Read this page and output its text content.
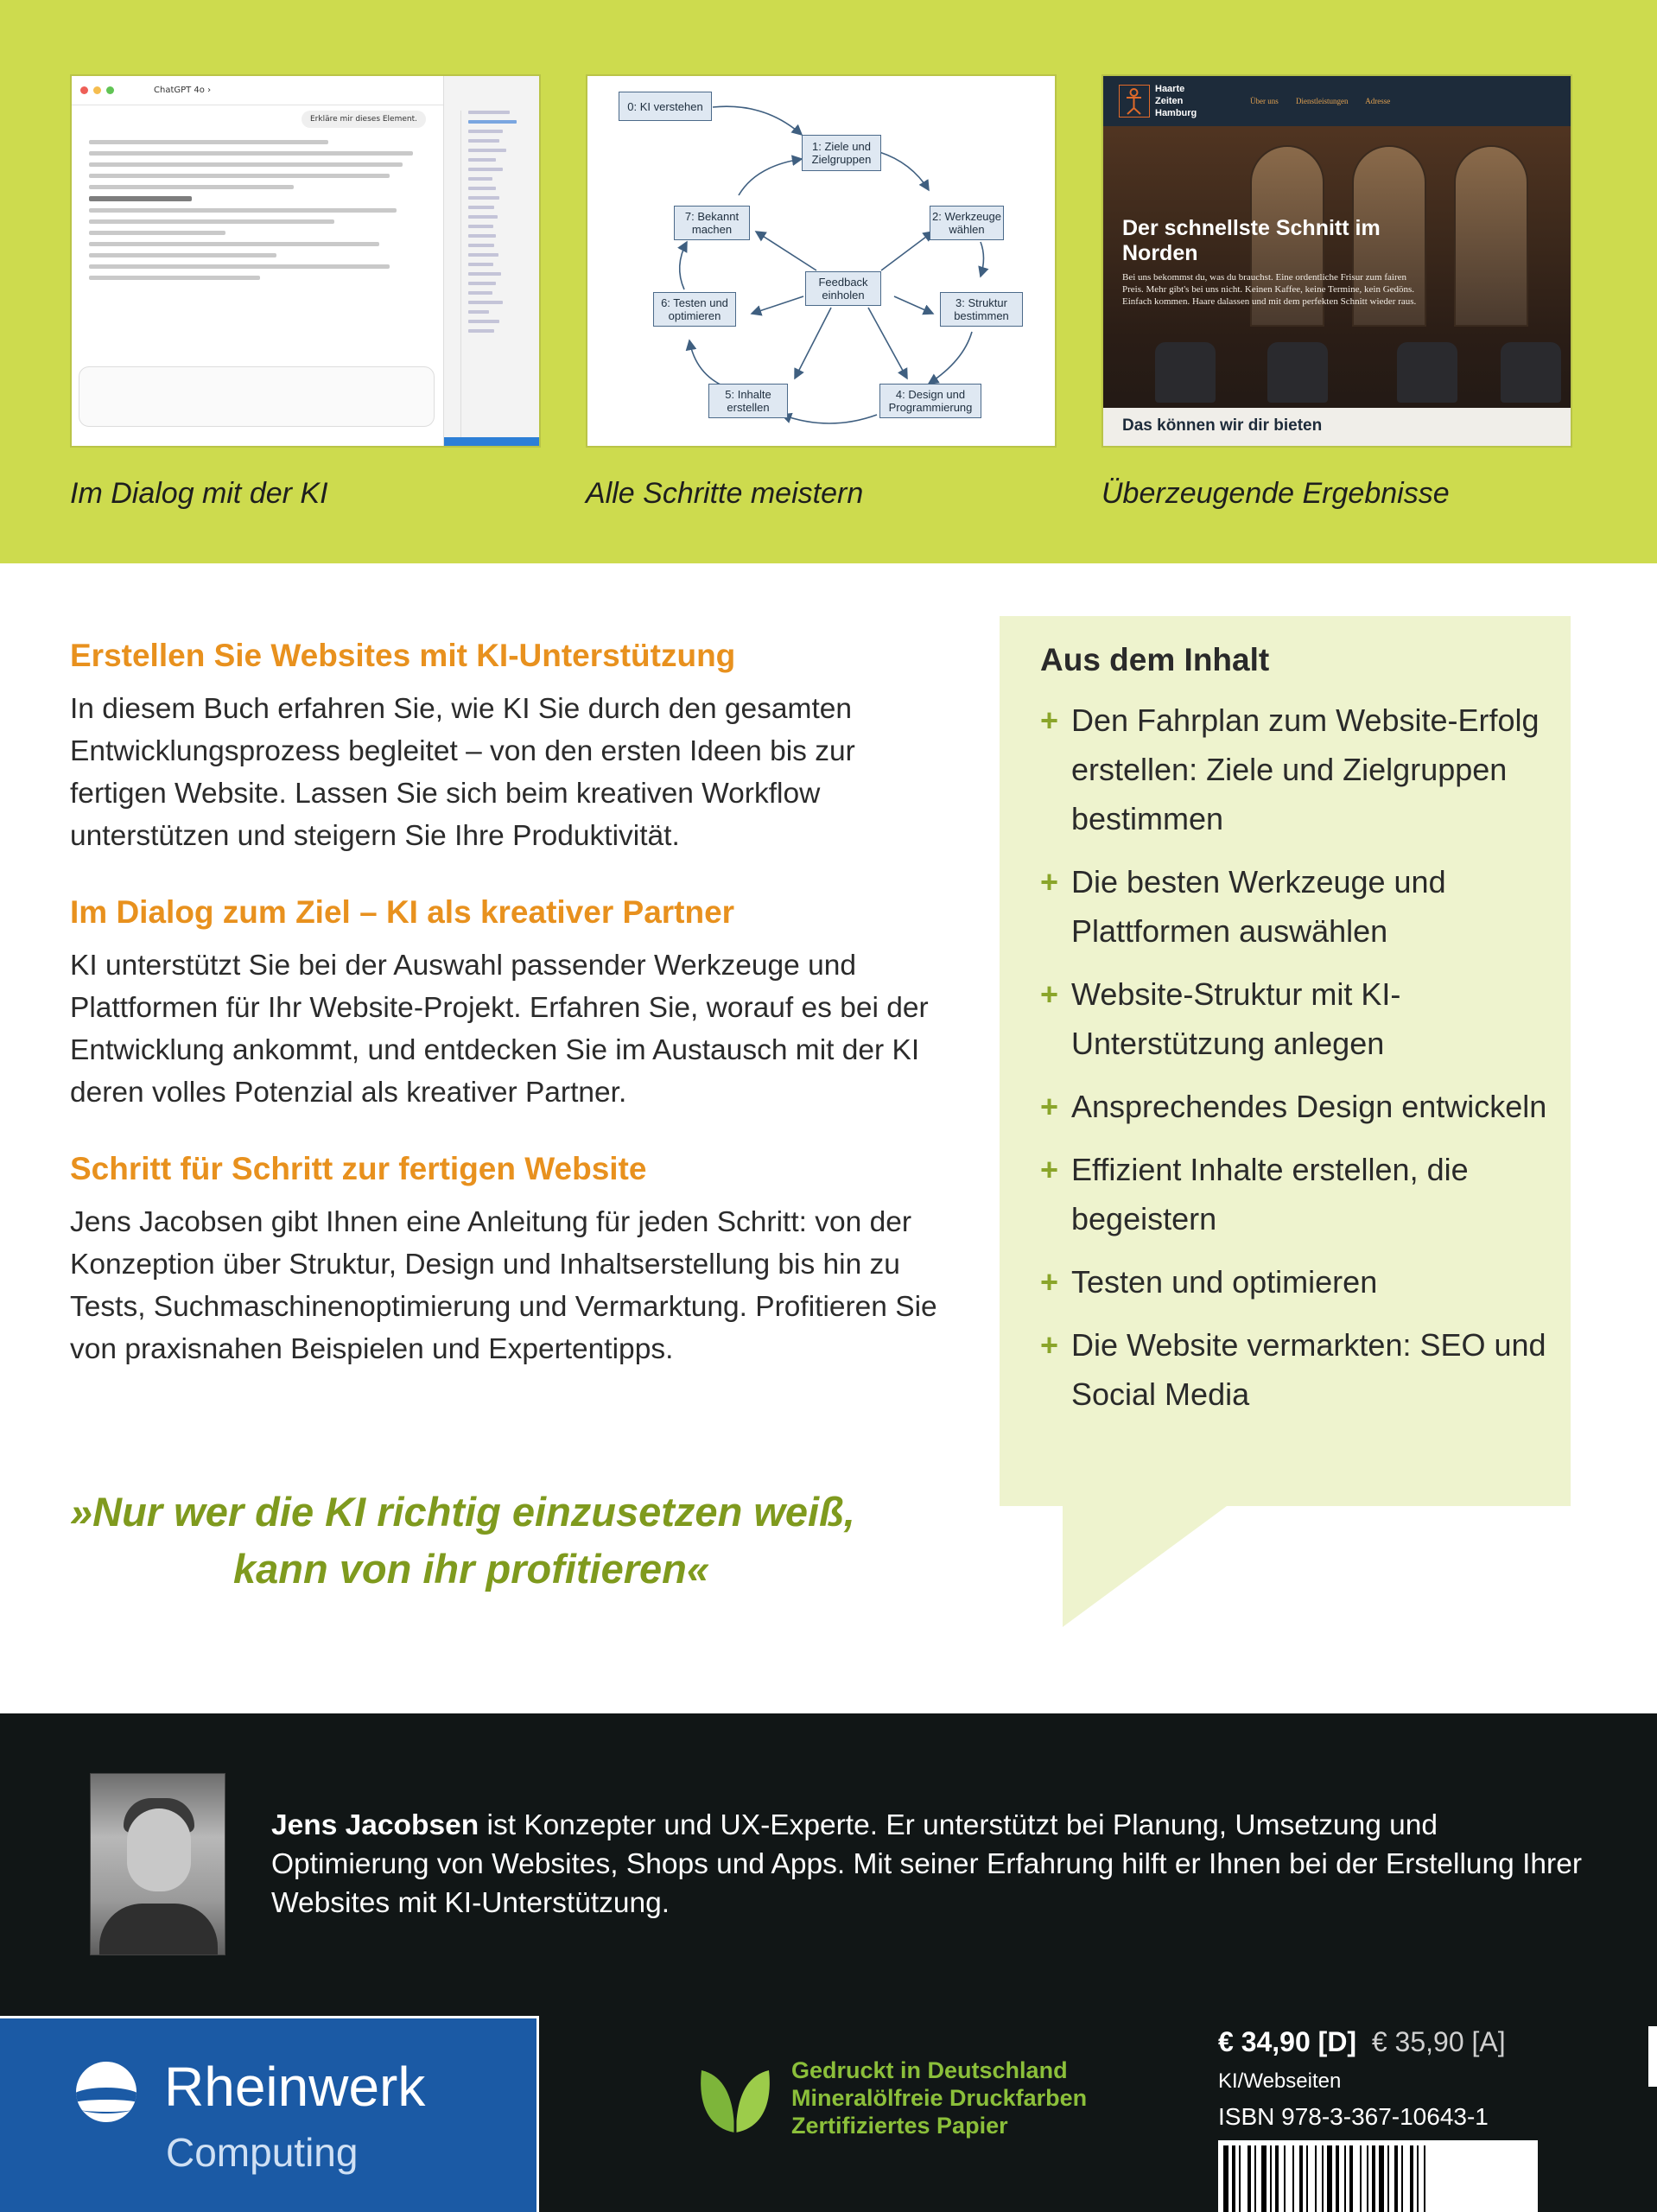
ChatGPT 4o ›
Erkläre mir dieses Element.
Im Dialog mit der KI
0: KI verstehen
1: Ziele und Zielgruppen
2: Werkzeuge wählen
3: Struktur bestimmen
4: Design und Programmierung
5: Inhalte erstellen
6: Testen und optimieren
7: Bekannt machen
Feedback einholen
Alle Schritte meistern
Haarte
Zeiten
Hamburg
Über uns Dienstleistungen Adresse
Der schnellste Schnitt im Norden
Bei uns bekommst du, was du brauchst. Eine ordentliche Frisur zum fairen Preis. Mehr gibt's bei uns nicht. Keinen Kaffee, keine Termine, kein Gedöns. Einfach kommen. Haare dalassen und mit dem perfekten Schnitt wieder raus.
Das können wir dir bieten
Überzeugende Ergebnisse
Erstellen Sie Websites mit KI-Unterstützung
In diesem Buch erfahren Sie, wie KI Sie durch den gesamten Entwicklungsprozess begleitet – von den ersten Ideen bis zur fertigen Website. Lassen Sie sich beim kreativen Workflow unterstützen und steigern Sie Ihre Produktivität.
Im Dialog zum Ziel – KI als kreativer Partner
KI unterstützt Sie bei der Auswahl passender Werkzeuge und Plattformen für Ihr Website-Projekt. Erfahren Sie, worauf es bei der Entwicklung ankommt, und entdecken Sie im Austausch mit der KI deren volles Potenzial als kreativer Partner.
Schritt für Schritt zur fertigen Website
Jens Jacobsen gibt Ihnen eine Anleitung für jeden Schritt: von der Konzeption über Struktur, Design und Inhaltserstellung bis hin zu Tests, Suchmaschinenoptimierung und Vermarktung. Profitieren Sie von praxisnahen Beispielen und Expertentipps.
»Nur wer die KI richtig einzusetzen weiß,
kann von ihr profitieren«
Aus dem Inhalt
+ Den Fahrplan zum Website-Erfolg erstellen: Ziele und Zielgruppen bestimmen
+ Die besten Werkzeuge und Plattformen auswählen
+ Website-Struktur mit KI-Unterstützung anlegen
+ Ansprechendes Design entwickeln
+ Effizient Inhalte erstellen, die begeistern
+ Testen und optimieren
+ Die Website vermarkten: SEO und Social Media
Jens Jacobsen ist Konzepter und UX-Experte. Er unterstützt bei Planung, Umsetzung und Optimierung von Websites, Shops und Apps. Mit seiner Erfahrung hilft er Ihnen bei der Erstellung Ihrer Websites mit KI-Unterstützung.
Rheinwerk
Computing
Gedruckt in Deutschland
Mineralölfreie Druckfarben
Zertifiziertes Papier
€ 34,90 [D] € 35,90 [A]
KI/Webseiten
ISBN 978-3-367-10643-1
